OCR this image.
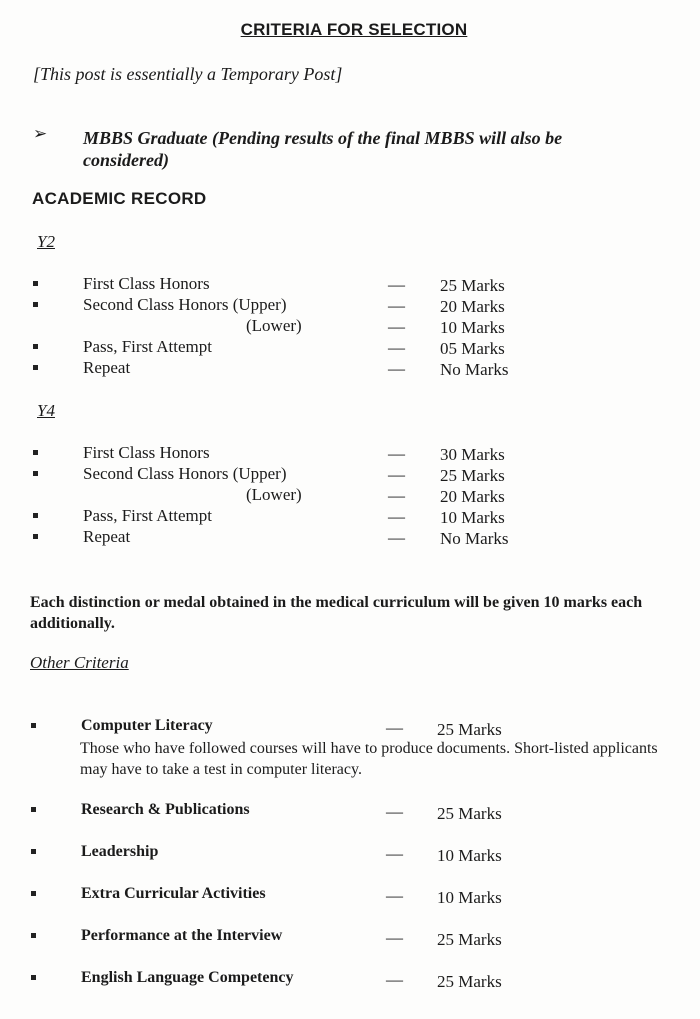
CRITERIA FOR SELECTION
[This post is essentially a Temporary Post]
➢ MBBS Graduate (Pending results of the final MBBS will also be considered)
ACADEMIC RECORD
Y2
First Class Honors	— 25 Marks
Second Class Honors (Upper)	— 20 Marks
(Lower)	— 10 Marks
Pass, First Attempt	— 05 Marks
Repeat	— No Marks
Y4
First Class Honors	— 30 Marks
Second Class Honors (Upper)	— 25 Marks
(Lower)	— 20 Marks
Pass, First Attempt	— 10 Marks
Repeat	— No Marks
Each distinction or medal obtained in the medical curriculum will be given 10 marks each additionally.
Other Criteria
Computer Literacy	— 25 Marks
Research & Publications	— 25 Marks
Leadership	— 10 Marks
Extra Curricular Activities	— 10 Marks
Performance at the Interview	— 25 Marks
English Language Competency	— 25 Marks
Those who have followed courses will have to produce documents. Short-listed applicants may have to take a test in computer literacy.
